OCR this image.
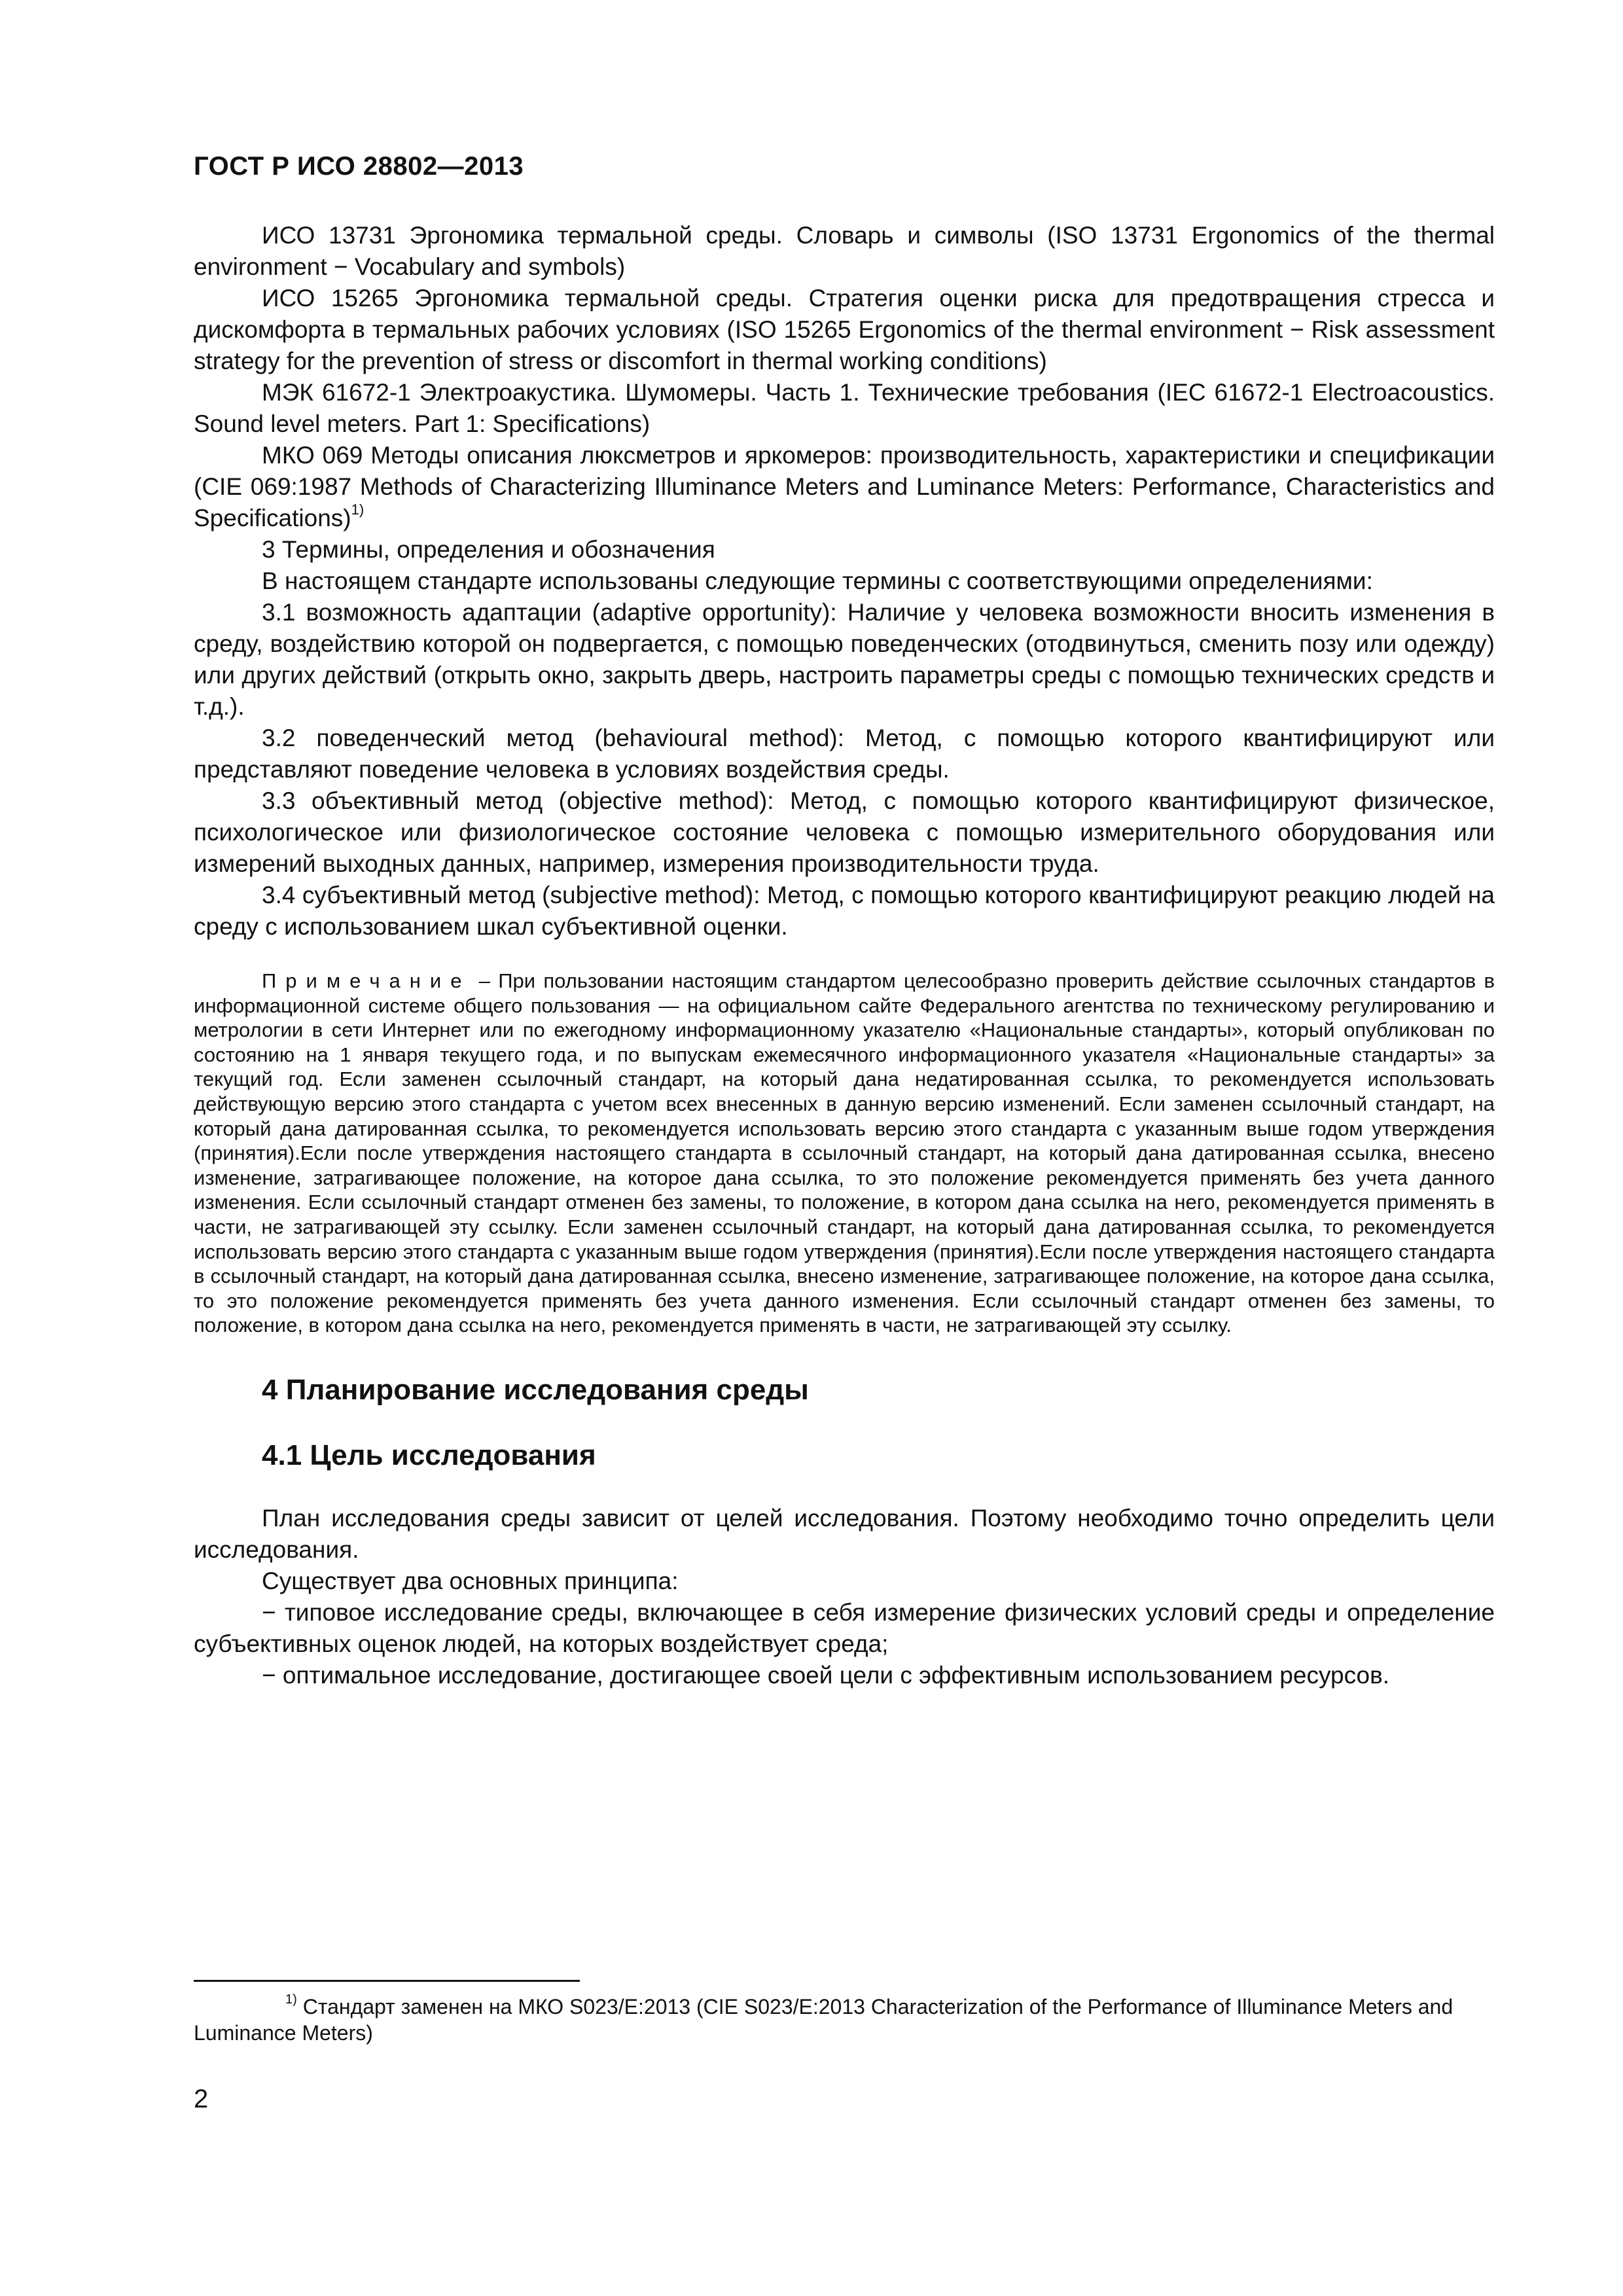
ГОСТ Р ИСО 28802—2013

ИСО 13731 Эргономика термальной среды. Словарь и символы (ISO 13731 Ergonomics of the thermal environment − Vocabulary and symbols)

ИСО 15265 Эргономика термальной среды. Стратегия оценки риска для предотвращения стресса и дискомфорта в термальных рабочих условиях (ISO 15265 Ergonomics of the thermal environment − Risk assessment strategy for the prevention of stress or discomfort in thermal working conditions)

МЭК 61672-1 Электроакустика. Шумомеры. Часть 1. Технические требования (IEC 61672-1 Electroacoustics. Sound level meters. Part 1: Specifications)

МКО 069 Методы описания люксметров и яркомеров: производительность, характеристики и спецификации (CIE 069:1987 Methods of Characterizing Illuminance Meters and Luminance Meters: Performance, Characteristics and Specifications)$^{1)}$

3 Термины, определения и обозначения

В настоящем стандарте использованы следующие термины с соответствующими определениями:

3.1 возможность адаптации (adaptive opportunity): Наличие у человека возможности вносить изменения в среду, воздействию которой он подвергается, с помощью поведенческих (отодвинуться, сменить позу или одежду) или других действий (открыть окно, закрыть дверь, настроить параметры среды с помощью технических средств и т.д.).

3.2 поведенческий метод (behavioural method): Метод, с помощью которого квантифицируют или представляют поведение человека в условиях воздействия среды.

3.3 объективный метод (objective method): Метод, с помощью которого квантифицируют физическое, психологическое или физиологическое состояние человека с помощью измерительного оборудования или измерений выходных данных, например, измерения производительности труда.

3.4 субъективный метод (subjective method): Метод, с помощью которого квантифицируют реакцию людей на среду с использованием шкал субъективной оценки.

Примечание – При пользовании настоящим стандартом целесообразно проверить действие ссылочных стандартов в информационной системе общего пользования — на официальном сайте Федерального агентства по техническому регулированию и метрологии в сети Интернет или по ежегодному информационному указателю «Национальные стандарты», который опубликован по состоянию на 1 января текущего года, и по выпускам ежемесячного информационного указателя «Национальные стандарты» за текущий год. Если заменен ссылочный стандарт, на который дана недатированная ссылка, то рекомендуется использовать действующую версию этого стандарта с учетом всех внесенных в данную версию изменений. Если заменен ссылочный стандарт, на который дана датированная ссылка, то рекомендуется использовать версию этого стандарта с указанным выше годом утверждения (принятия).Если после утверждения настоящего стандарта в ссылочный стандарт, на который дана датированная ссылка, внесено изменение, затрагивающее положение, на которое дана ссылка, то это положение рекомендуется применять без учета данного изменения. Если ссылочный стандарт отменен без замены, то положение, в котором дана ссылка на него, рекомендуется применять в части, не затрагивающей эту ссылку. Если заменен ссылочный стандарт, на который дана датированная ссылка, то рекомендуется использовать версию этого стандарта с указанным выше годом утверждения (принятия).Если после утверждения настоящего стандарта в ссылочный стандарт, на который дана датированная ссылка, внесено изменение, затрагивающее положение, на которое дана ссылка, то это положение рекомендуется применять без учета данного изменения. Если ссылочный стандарт отменен без замены, то положение, в котором дана ссылка на него, рекомендуется применять в части, не затрагивающей эту ссылку.
4 Планирование исследования среды
4.1 Цель исследования

План исследования среды зависит от целей исследования. Поэтому необходимо точно определить цели исследования.

Существует два основных принципа:

− типовое исследование среды, включающее в себя измерение физических условий среды и определение субъективных оценок людей, на которых воздействует среда;

− оптимальное исследование, достигающее своей цели с эффективным использованием ресурсов.

$^{1)}$ Стандарт заменен на МКО S023/E:2013 (CIE S023/E:2013 Characterization of the Performance of Illuminance Meters and Luminance Meters)
2
